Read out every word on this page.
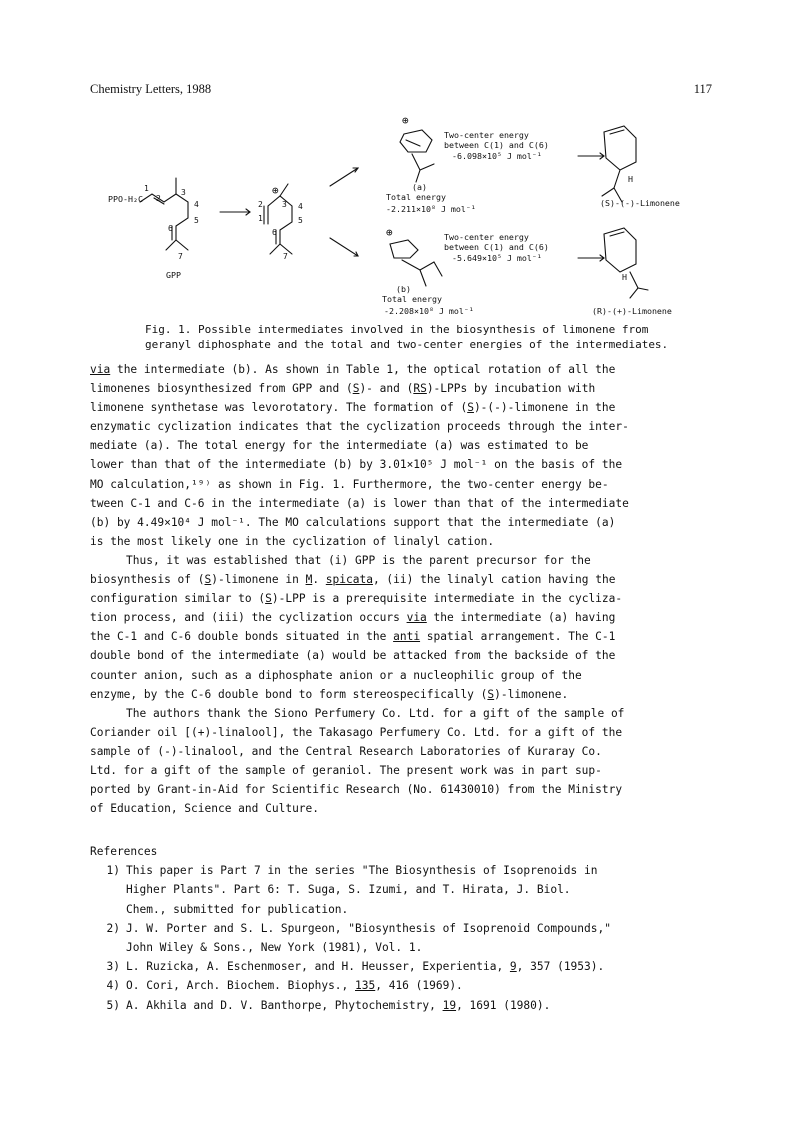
Chemistry Letters, 1988	117
1
PPO-H₂C 2
3
4
5
6
7
GPP
⊕
2 3 4
1	5
6
7
⊕
Two-center energy
between C(1) and C(6)
-6.098×10⁵ J mol⁻¹
(a)
Total energy
-2.211×10⁸ J mol⁻¹
⊕	Two-center energy
between C(1) and C(6)
-5.649×10⁵ J mol⁻¹
(b)
Total energy
-2.208×10⁸ J mol⁻¹
H
(S)-(-)-Limonene
H
(R)-(+)-Limonene
Fig. 1. Possible intermediates involved in the biosynthesis of limonene from
geranyl diphosphate and the total and two-center energies of the intermediates.
via the intermediate (b). As shown in Table 1, the optical rotation of all the
limonenes biosynthesized from GPP and (S)- and (RS)-LPPs by incubation with
limonene synthetase was levorotatory. The formation of (S)-(-)-limonene in the
enzymatic cyclization indicates that the cyclization proceeds through the inter-
mediate (a). The total energy for the intermediate (a) was estimated to be
lower than that of the intermediate (b) by 3.01×10⁵ J mol⁻¹ on the basis of the
MO calculation,¹⁹⁾ as shown in Fig. 1. Furthermore, the two-center energy be-
tween C-1 and C-6 in the intermediate (a) is lower than that of the intermediate
(b) by 4.49×10⁴ J mol⁻¹. The MO calculations support that the intermediate (a)
is the most likely one in the cyclization of linalyl cation.
Thus, it was established that (i) GPP is the parent precursor for the
biosynthesis of (S)-limonene in M. spicata, (ii) the linalyl cation having the
configuration similar to (S)-LPP is a prerequisite intermediate in the cycliza-
tion process, and (iii) the cyclization occurs via the intermediate (a) having
the C-1 and C-6 double bonds situated in the anti spatial arrangement. The C-1
double bond of the intermediate (a) would be attacked from the backside of the
counter anion, such as a diphosphate anion or a nucleophilic group of the
enzyme, by the C-6 double bond to form stereospecifically (S)-limonene.
The authors thank the Siono Perfumery Co. Ltd. for a gift of the sample of
Coriander oil [(+)-linalool], the Takasago Perfumery Co. Ltd. for a gift of the
sample of (-)-linalool, and the Central Research Laboratories of Kuraray Co.
Ltd. for a gift of the sample of geraniol. The present work was in part sup-
ported by Grant-in-Aid for Scientific Research (No. 61430010) from the Ministry
of Education, Science and Culture.
References
1) This paper is Part 7 in the series "The Biosynthesis of Isoprenoids in
Higher Plants". Part 6: T. Suga, S. Izumi, and T. Hirata, J. Biol.
Chem., submitted for publication.
2) J. W. Porter and S. L. Spurgeon, "Biosynthesis of Isoprenoid Compounds,"
John Wiley & Sons., New York (1981), Vol. 1.
3) L. Ruzicka, A. Eschenmoser, and H. Heusser, Experientia, 9, 357 (1953).
4) O. Cori, Arch. Biochem. Biophys., 135, 416 (1969).
5) A. Akhila and D. V. Banthorpe, Phytochemistry, 19, 1691 (1980).
